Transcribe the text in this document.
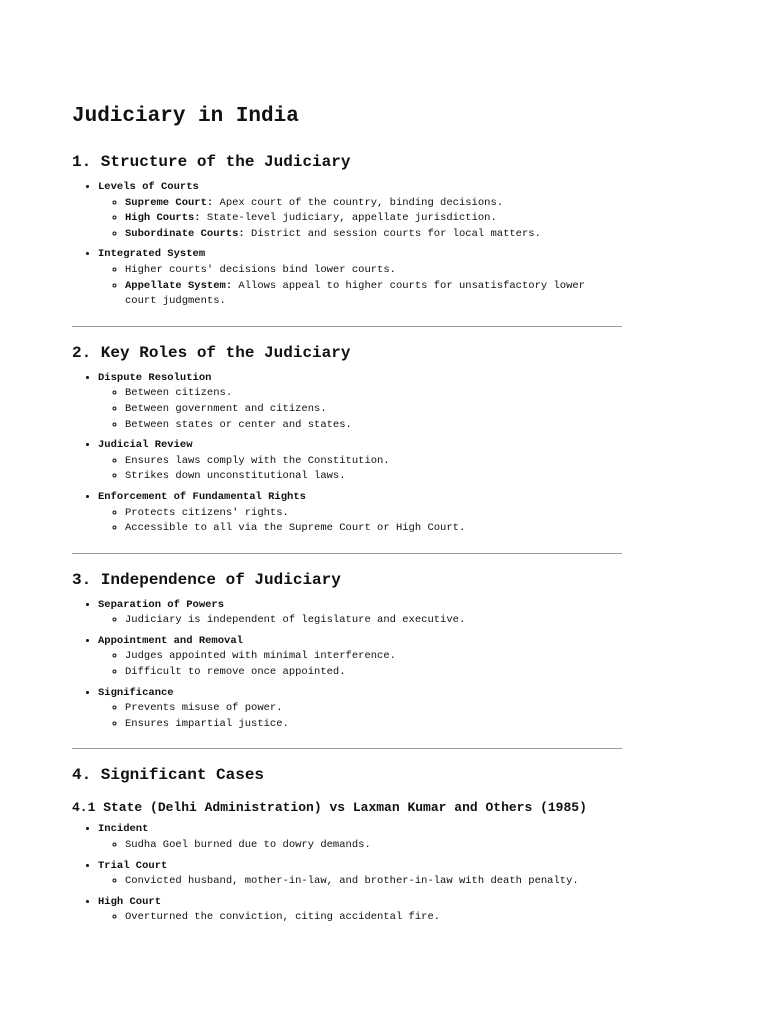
Judiciary in India
1. Structure of the Judiciary
• Levels of Courts
◦ Supreme Court: Apex court of the country, binding decisions.
◦ High Courts: State-level judiciary, appellate jurisdiction.
◦ Subordinate Courts: District and session courts for local matters.
• Integrated System
◦ Higher courts' decisions bind lower courts.
◦ Appellate System: Allows appeal to higher courts for unsatisfactory lower court judgments.
2. Key Roles of the Judiciary
• Dispute Resolution
◦ Between citizens.
◦ Between government and citizens.
◦ Between states or center and states.
• Judicial Review
◦ Ensures laws comply with the Constitution.
◦ Strikes down unconstitutional laws.
• Enforcement of Fundamental Rights
◦ Protects citizens' rights.
◦ Accessible to all via the Supreme Court or High Court.
3. Independence of Judiciary
• Separation of Powers
◦ Judiciary is independent of legislature and executive.
• Appointment and Removal
◦ Judges appointed with minimal interference.
◦ Difficult to remove once appointed.
• Significance
◦ Prevents misuse of power.
◦ Ensures impartial justice.
4. Significant Cases
4.1 State (Delhi Administration) vs Laxman Kumar and Others (1985)
• Incident
◦ Sudha Goel burned due to dowry demands.
• Trial Court
◦ Convicted husband, mother-in-law, and brother-in-law with death penalty.
• High Court
◦ Overturned the conviction, citing accidental fire.
